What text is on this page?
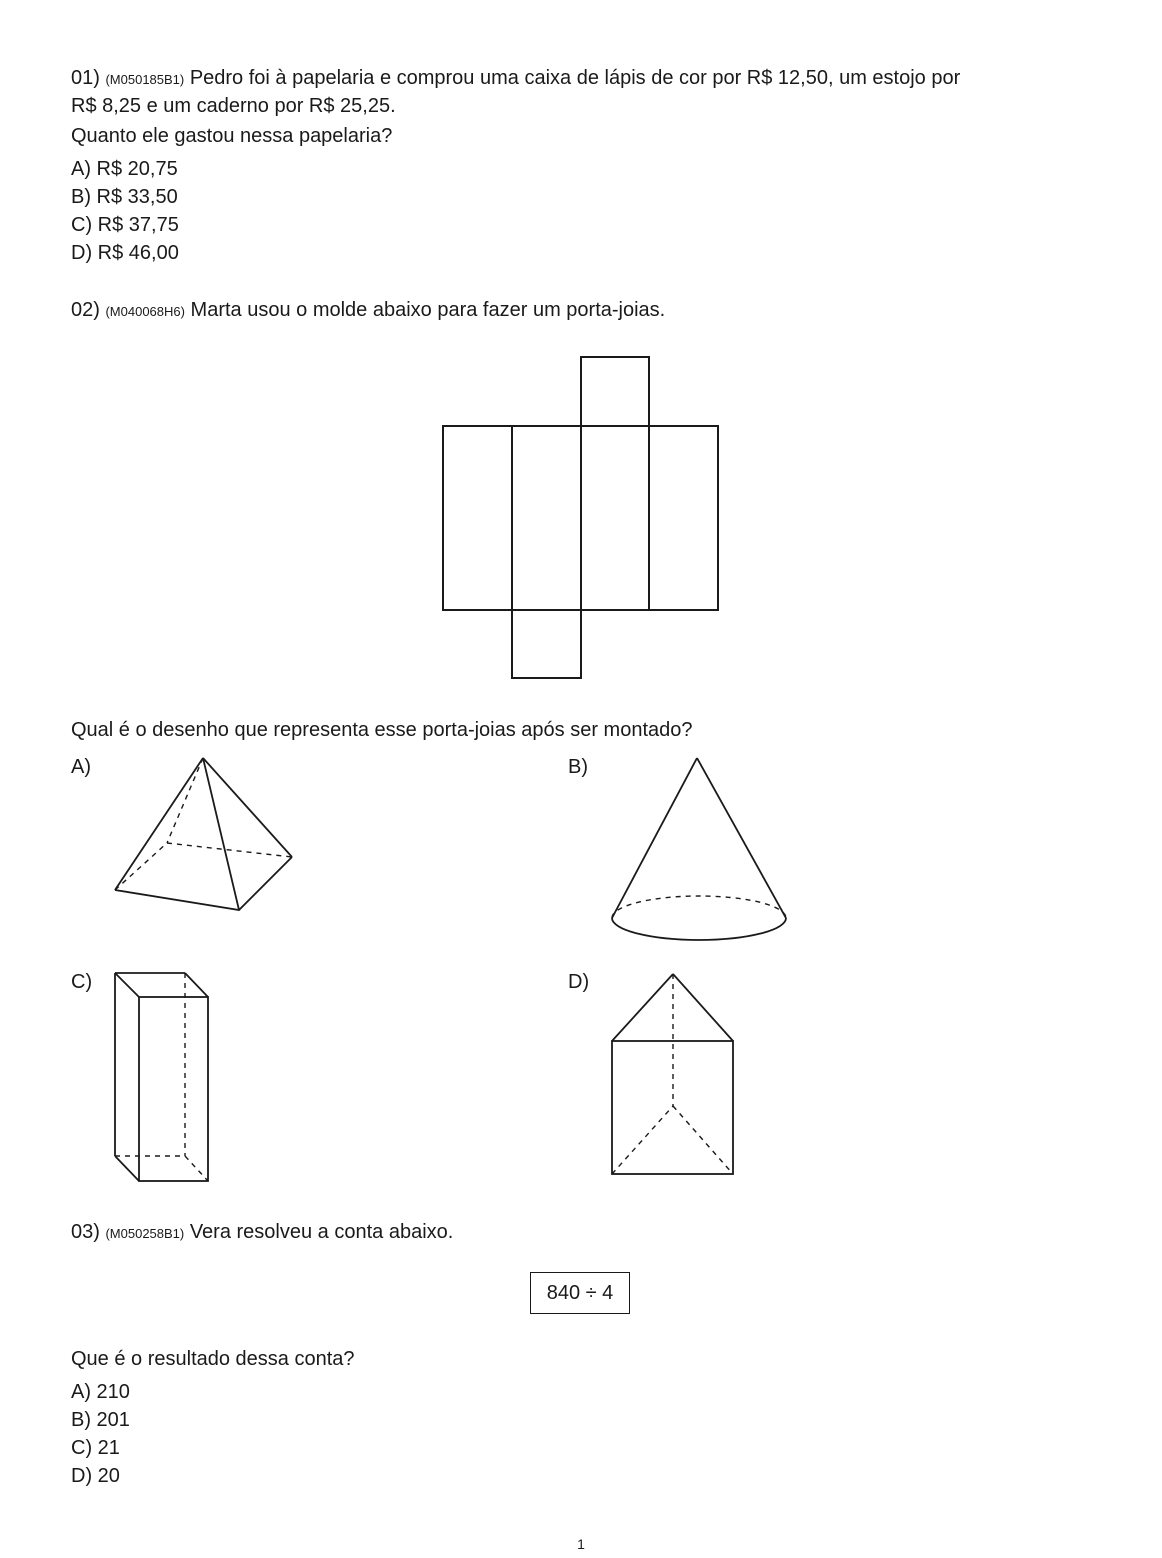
01) (M050185B1) Pedro foi à papelaria e comprou uma caixa de lápis de cor por R$ 12,50, um estojo por
R$ 8,25 e um caderno por R$ 25,25.
Quanto ele gastou nessa papelaria?
A) R$ 20,75
B) R$ 33,50
C) R$ 37,75
D) R$ 46,00
02) (M040068H6) Marta usou o molde abaixo para fazer um porta-joias.
Qual é o desenho que representa esse porta-joias após ser montado?
A)	B)
C)	D)
03) (M050258B1) Vera resolveu a conta abaixo.
840 ÷ 4
Que é o resultado dessa conta?
A) 210
B) 201
C) 21
D) 20
1
